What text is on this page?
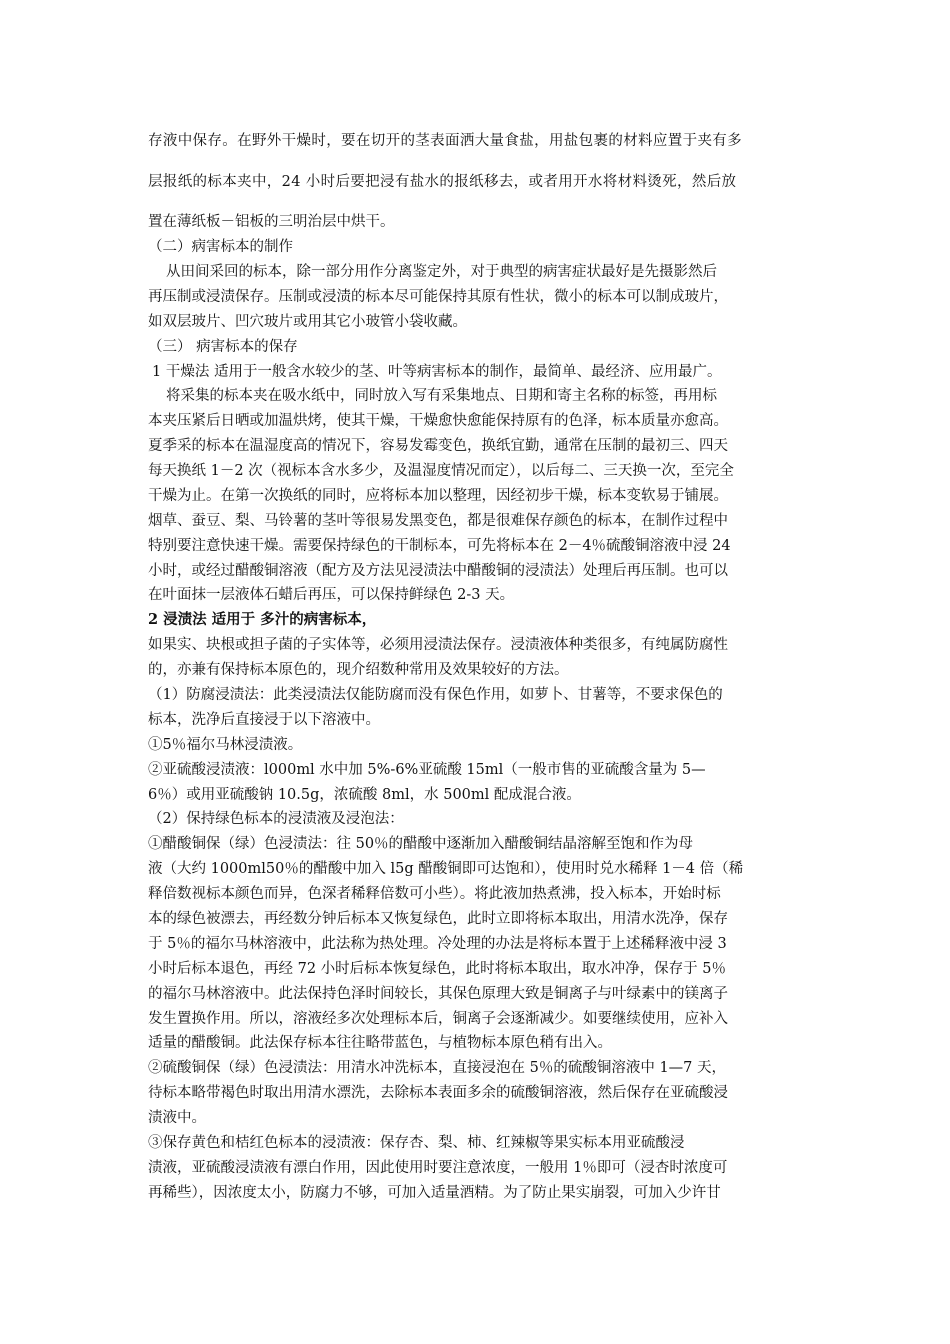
存液中保存。在野外干燥时，要在切开的茎表面洒大量食盐，用盐包裹的材料应置于夹有多

层报纸的标本夹中，24 小时后要把浸有盐水的报纸移去，或者用开水将材料烫死，然后放

置在薄纸板－铝板的三明治层中烘干。

（二）病害标本的制作

从田间采回的标本，除一部分用作分离鉴定外，对于典型的病害症状最好是先摄影然后

再压制或浸渍保存。压制或浸渍的标本尽可能保持其原有性状，微小的标本可以制成玻片，

如双层玻片、凹穴玻片或用其它小玻管小袋收藏。

（三） 病害标本的保存

1 干燥法 适用于一般含水较少的茎、叶等病害标本的制作，最简单、最经济、应用最广。

将采集的标本夹在吸水纸中，同时放入写有采集地点、日期和寄主名称的标签，再用标

本夹压紧后日晒或加温烘烤，使其干燥，干燥愈快愈能保持原有的色泽，标本质量亦愈高。

夏季采的标本在温湿度高的情况下，容易发霉变色，换纸宜勤，通常在压制的最初三、四天

每天换纸 1－2 次（视标本含水多少，及温湿度情况而定），以后每二、三天换一次，至完全

干燥为止。在第一次换纸的同时，应将标本加以整理，因经初步干燥，标本变软易于铺展。

烟草、蚕豆、梨、马铃薯的茎叶等很易发黑变色，都是很难保存颜色的标本，在制作过程中

特别要注意快速干燥。需要保持绿色的干制标本，可先将标本在 2－4％硫酸铜溶液中浸 24

小时，或经过醋酸铜溶液（配方及方法见浸渍法中醋酸铜的浸渍法）处理后再压制。也可以

在叶面抹一层液体石蜡后再压，可以保持鲜绿色 2-3 天。

2 浸渍法 适用于 多汁的病害标本，

如果实、块根或担子菌的子实体等，必须用浸渍法保存。浸渍液体种类很多，有纯属防腐性

的，亦兼有保持标本原色的，现介绍数种常用及效果较好的方法。

（1）防腐浸渍法：此类浸渍法仅能防腐而没有保色作用，如萝卜、甘薯等，不要求保色的

标本，洗净后直接浸于以下溶液中。

①5％福尔马林浸渍液。

②亚硫酸浸渍液：l000ml 水中加 5%-6%亚硫酸 15ml（一般市售的亚硫酸含量为 5—

6％）或用亚硫酸钠 10.5g，浓硫酸 8ml，水 500ml 配成混合液。

（2）保持绿色标本的浸渍液及浸泡法：

①醋酸铜保（绿）色浸渍法：往 50％的醋酸中逐渐加入醋酸铜结晶溶解至饱和作为母

液（大约 1000ml50％的醋酸中加入 l5g 醋酸铜即可达饱和），使用时兑水稀释 1－4 倍（稀

释倍数视标本颜色而异，色深者稀释倍数可小些）。将此液加热煮沸，投入标本，开始时标

本的绿色被漂去，再经数分钟后标本又恢复绿色，此时立即将标本取出，用清水洗净，保存

于 5％的福尔马林溶液中，此法称为热处理。冷处理的办法是将标本置于上述稀释液中浸 3

小时后标本退色，再经 72 小时后标本恢复绿色，此时将标本取出，取水冲净，保存于 5％

的福尔马林溶液中。此法保持色泽时间较长，其保色原理大致是铜离子与叶绿素中的镁离子

发生置换作用。所以，溶液经多次处理标本后，铜离子会逐渐减少。如要继续使用，应补入

适量的醋酸铜。此法保存标本往往略带蓝色，与植物标本原色稍有出入。

②硫酸铜保（绿）色浸渍法：用清水冲洗标本，直接浸泡在 5％的硫酸铜溶液中 1—7 天，

待标本略带褐色时取出用清水漂洗，去除标本表面多余的硫酸铜溶液，然后保存在亚硫酸浸

渍液中。

③保存黄色和桔红色标本的浸渍液：保存杏、梨、柿、红辣椒等果实标本用亚硫酸浸

渍液，亚硫酸浸渍液有漂白作用，因此使用时要注意浓度，一般用 1％即可（浸杏时浓度可

再稀些），因浓度太小，防腐力不够，可加入适量酒精。为了防止果实崩裂，可加入少许甘
